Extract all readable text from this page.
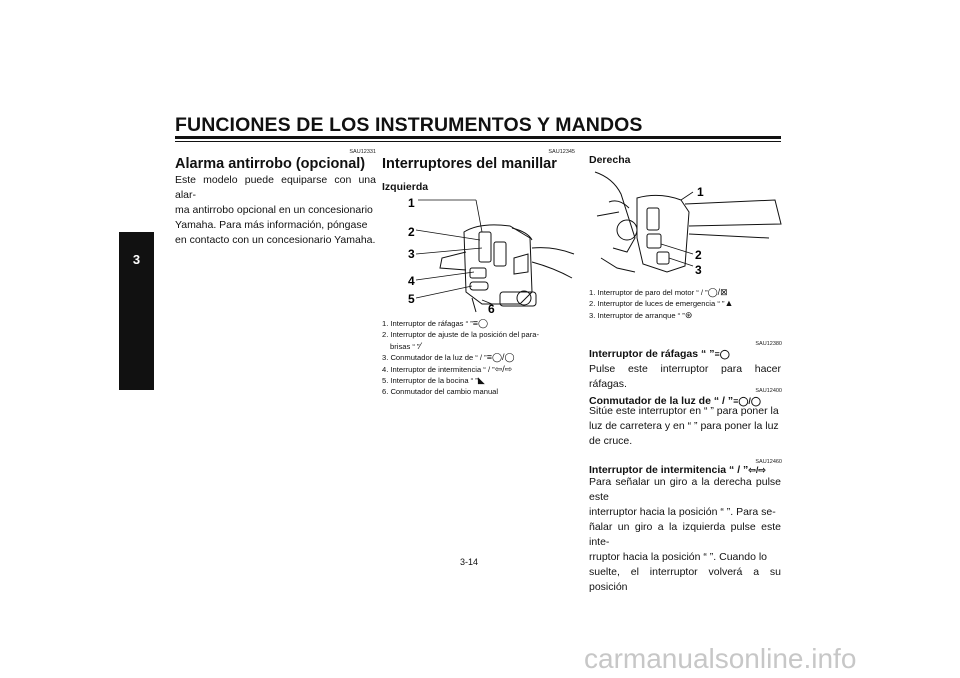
FUNCIONES DE LOS INSTRUMENTOS Y MANDOS
3
SAU12331
Alarma antirrobo (opcional)
Este modelo puede equiparse con una alar-
ma antirrobo opcional en un concesionario
Yamaha. Para más información, póngase
en contacto con un concesionario Yamaha.
SAU12345
Interruptores del manillar
Izquierda
1
2
3
4
5
6
1. Interruptor de ráfagas “ ”≡◯
2. Interruptor de ajuste de la posición del para-
brisas “ ”⁄
3. Conmutador de la luz de “ / ”≡◯/◯
4. Interruptor de intermitencia “ / ”⇦/⇨
5. Interruptor de la bocina “ ”◣
6. Conmutador del cambio manual
Derecha
1
2
3
1. Interruptor de paro del motor “ / ”◯/⊠
2. Interruptor de luces de emergencia “ ”▲
3. Interruptor de arranque “ ”⊛
SAU12380
Interruptor de ráfagas “ ”≡◯
Pulse este interruptor para hacer ráfagas.
SAU12400
Conmutador de la luz de “ / ”≡◯/◯
Sitúe este interruptor en “ ” para poner la
luz de carretera y en “ ” para poner la luz
de cruce.
SAU12460
Interruptor de intermitencia “ / ”⇦/⇨
Para señalar un giro a la derecha pulse este
interruptor hacia la posición “ ”. Para se-
ñalar un giro a la izquierda pulse este inte-
rruptor hacia la posición “ ”. Cuando lo
suelte, el interruptor volverá a su posición
3-14
carmanualsonline.info
